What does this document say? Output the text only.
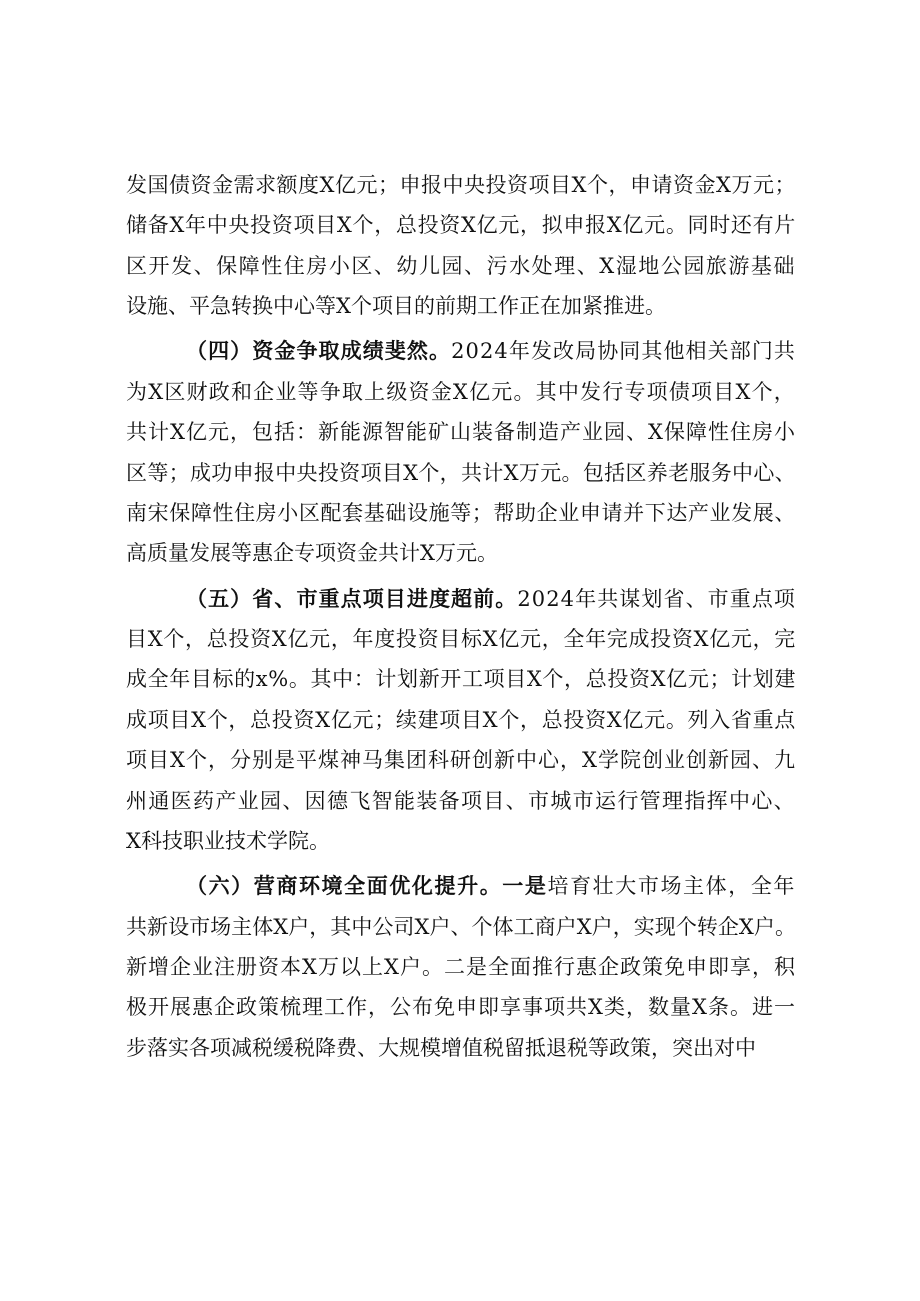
发国债资金需求额度X亿元；申报中央投资项目X个，申请资金X万元；
储备X年中央投资项目X个，总投资X亿元，拟申报X亿元。同时还有片
区开发、保障性住房小区、幼儿园、污水处理、X湿地公园旅游基础
设施、平急转换中心等X个项目的前期工作正在加紧推进。
（四）资金争取成绩斐然。 2024年发改局协同其他相关部门共
为X区财政和企业等争取上级资金X亿元。其中发行专项债项目X个，
共计X亿元，包括：新能源智能矿山装备制造产业园、X保障性住房小
区等；成功申报中央投资项目X个，共计X万元。包括区养老服务中心、
南宋保障性住房小区配套基础设施等；帮助企业申请并下达产业发展、
高质量发展等惠企专项资金共计X万元。
（五）省、市重点项目进度超前。 2024年共谋划省、市重点项
目X个，总投资X亿元，年度投资目标X亿元，全年完成投资X亿元，完
成全年目标的x%。其中：计划新开工项目X个，总投资X亿元；计划建
成项目X个，总投资X亿元；续建项目X个，总投资X亿元。列入省重点
项目X个，分别是平煤神马集团科研创新中心，X学院创业创新园、九
州通医药产业园、因德飞智能装备项目、市城市运行管理指挥中心、
X科技职业技术学院。
（六）营商环境全面优化提升。一是 培育壮大市场主体，全年
共新设市场主体X户，其中公司X户、个体工商户X户，实现个转企X户。
新增企业注册资本X万以上X户。二是全面推行惠企政策免申即享，积
极开展惠企政策梳理工作，公布免申即享事项共X类，数量X条。进一
步落实各项减税缓税降费、大规模增值税留抵退税等政策，突出对中
